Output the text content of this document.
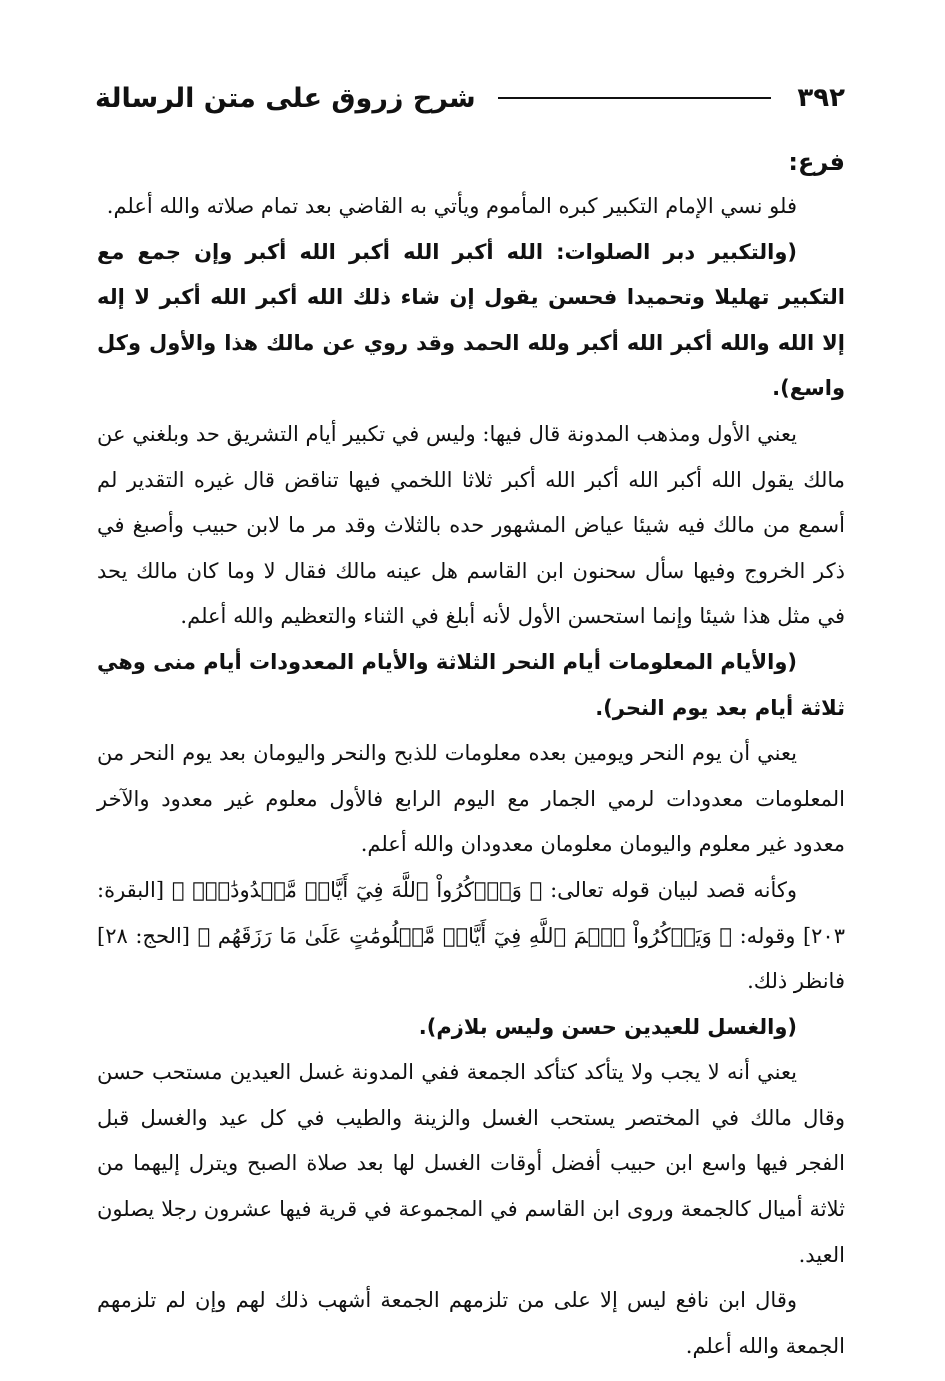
٣٩٢
شرح زروق على متن الرسالة
فرع:

فلو نسي الإمام التكبير كبره المأموم ويأتي به القاضي بعد تمام صلاته والله أعلم.

(والتكبير دبر الصلوات: الله أكبر الله أكبر الله أكبر وإن جمع مع التكبير تهليلا وتحميدا فحسن يقول إن شاء ذلك الله أكبر الله أكبر لا إله إلا الله والله أكبر الله أكبر ولله الحمد وقد روي عن مالك هذا والأول وكل واسع).

يعني الأول ومذهب المدونة قال فيها: وليس في تكبير أيام التشريق حد وبلغني عن مالك يقول الله أكبر الله أكبر الله أكبر ثلاثا اللخمي فيها تناقض قال غيره التقدير لم أسمع من مالك فيه شيئا عياض المشهور حده بالثلاث وقد مر ما لابن حبيب وأصبغ في ذكر الخروج وفيها سأل سحنون ابن القاسم هل عينه مالك فقال لا وما كان مالك يحد في مثل هذا شيئا وإنما استحسن الأول لأنه أبلغ في الثناء والتعظيم والله أعلم.

(والأيام المعلومات أيام النحر الثلاثة والأيام المعدودات أيام منى وهي ثلاثة أيام بعد يوم النحر).

يعني أن يوم النحر ويومين بعده معلومات للذبح والنحر واليومان بعد يوم النحر من المعلومات معدودات لرمي الجمار مع اليوم الرابع فالأول معلوم غير معدود والآخر معدود غير معلوم واليومان معلومان معدودان والله أعلم.

وكأنه قصد لبيان قوله تعالى: ﴿ وَٱذۡكُرُواْ ٱللَّهَ فِيٓ أَيَّامٖ مَّعۡدُودَٰتٖۚ ﴾ [البقرة: ٢٠٣] وقوله: ﴿ وَيَذۡكُرُواْ ٱسۡمَ ٱللَّهِ فِيٓ أَيَّامٖ مَّعۡلُومَٰتٍ عَلَىٰ مَا رَزَقَهُم ﴾ [الحج: ٢٨] فانظر ذلك.

(والغسل للعيدين حسن وليس بلازم).

يعني أنه لا يجب ولا يتأكد كتأكد الجمعة ففي المدونة غسل العيدين مستحب حسن وقال مالك في المختصر يستحب الغسل والزينة والطيب في كل عيد والغسل قبل الفجر فيها واسع ابن حبيب أفضل أوقات الغسل لها بعد صلاة الصبح ويترل إليهما من ثلاثة أميال كالجمعة وروى ابن القاسم في المجموعة في قرية فيها عشرون رجلا يصلون العيد.

وقال ابن نافع ليس إلا على من تلزمهم الجمعة أشهب ذلك لهم وإن لم تلزمهم الجمعة والله أعلم.
